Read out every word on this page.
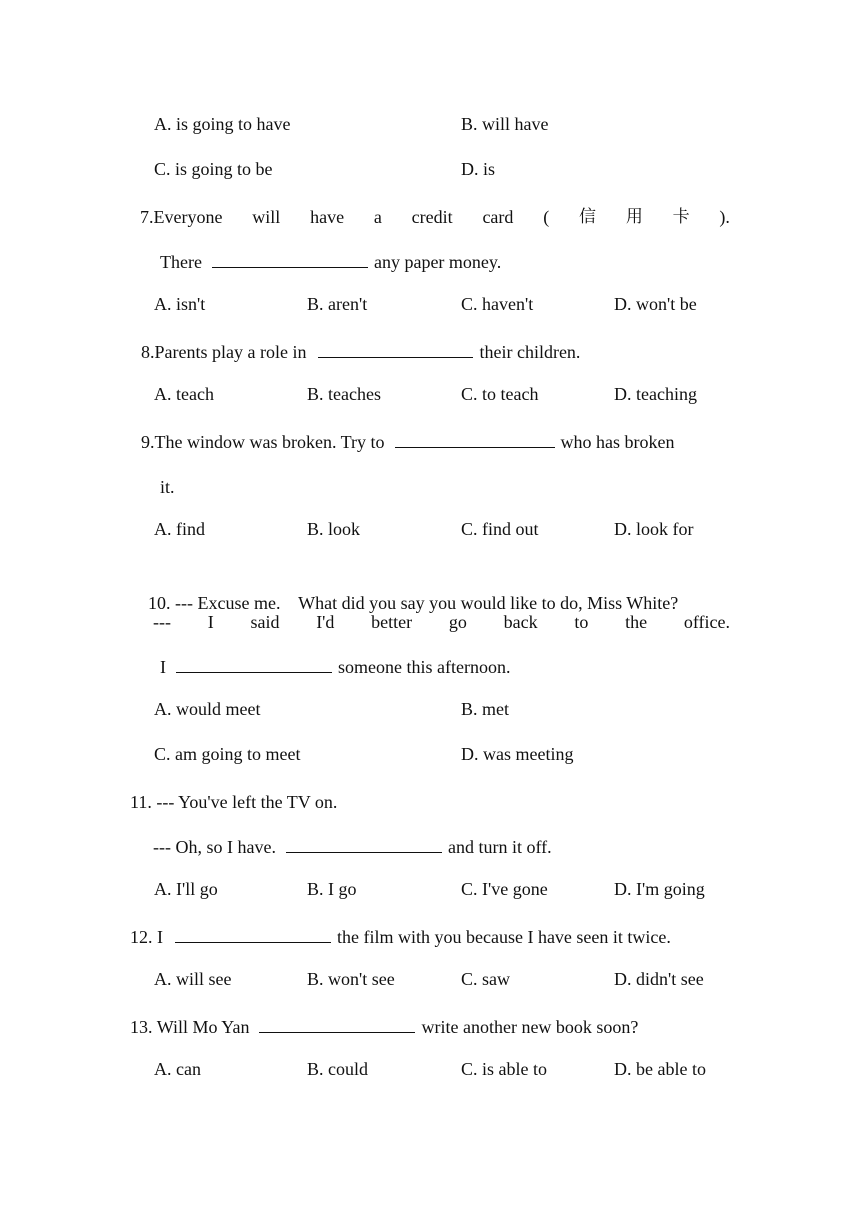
A. is going to have	B. will have
C. is going to be	D. is
7.Everyone will have a credit card ( 信 用 卡 ).
There	any paper money.
A. isn't	B. aren't	C. haven't	D. won't be
8.Parents play a role in	their children.
A. teach	B. teaches	C. to teach	D. teaching
9.The window was broken. Try to	who has broken
it.
A. find	B. look	C. find out	D. look for

10. --- Excuse me.    What did you say you would like to do, Miss White?

--- I said I'd better go back to the office.
I	someone this afternoon.
A. would meet	B. met
C. am going to meet	D. was meeting
11. --- You've left the TV on.
--- Oh, so I have.	and turn it off.
A. I'll go	B. I go	C. I've gone	D. I'm going
12. I	the film with you because I have seen it twice.
A. will see	B. won't see	C. saw	D. didn't see
13. Will Mo Yan	write another new book soon?
A. can	B. could	C. is able to	D. be able to
